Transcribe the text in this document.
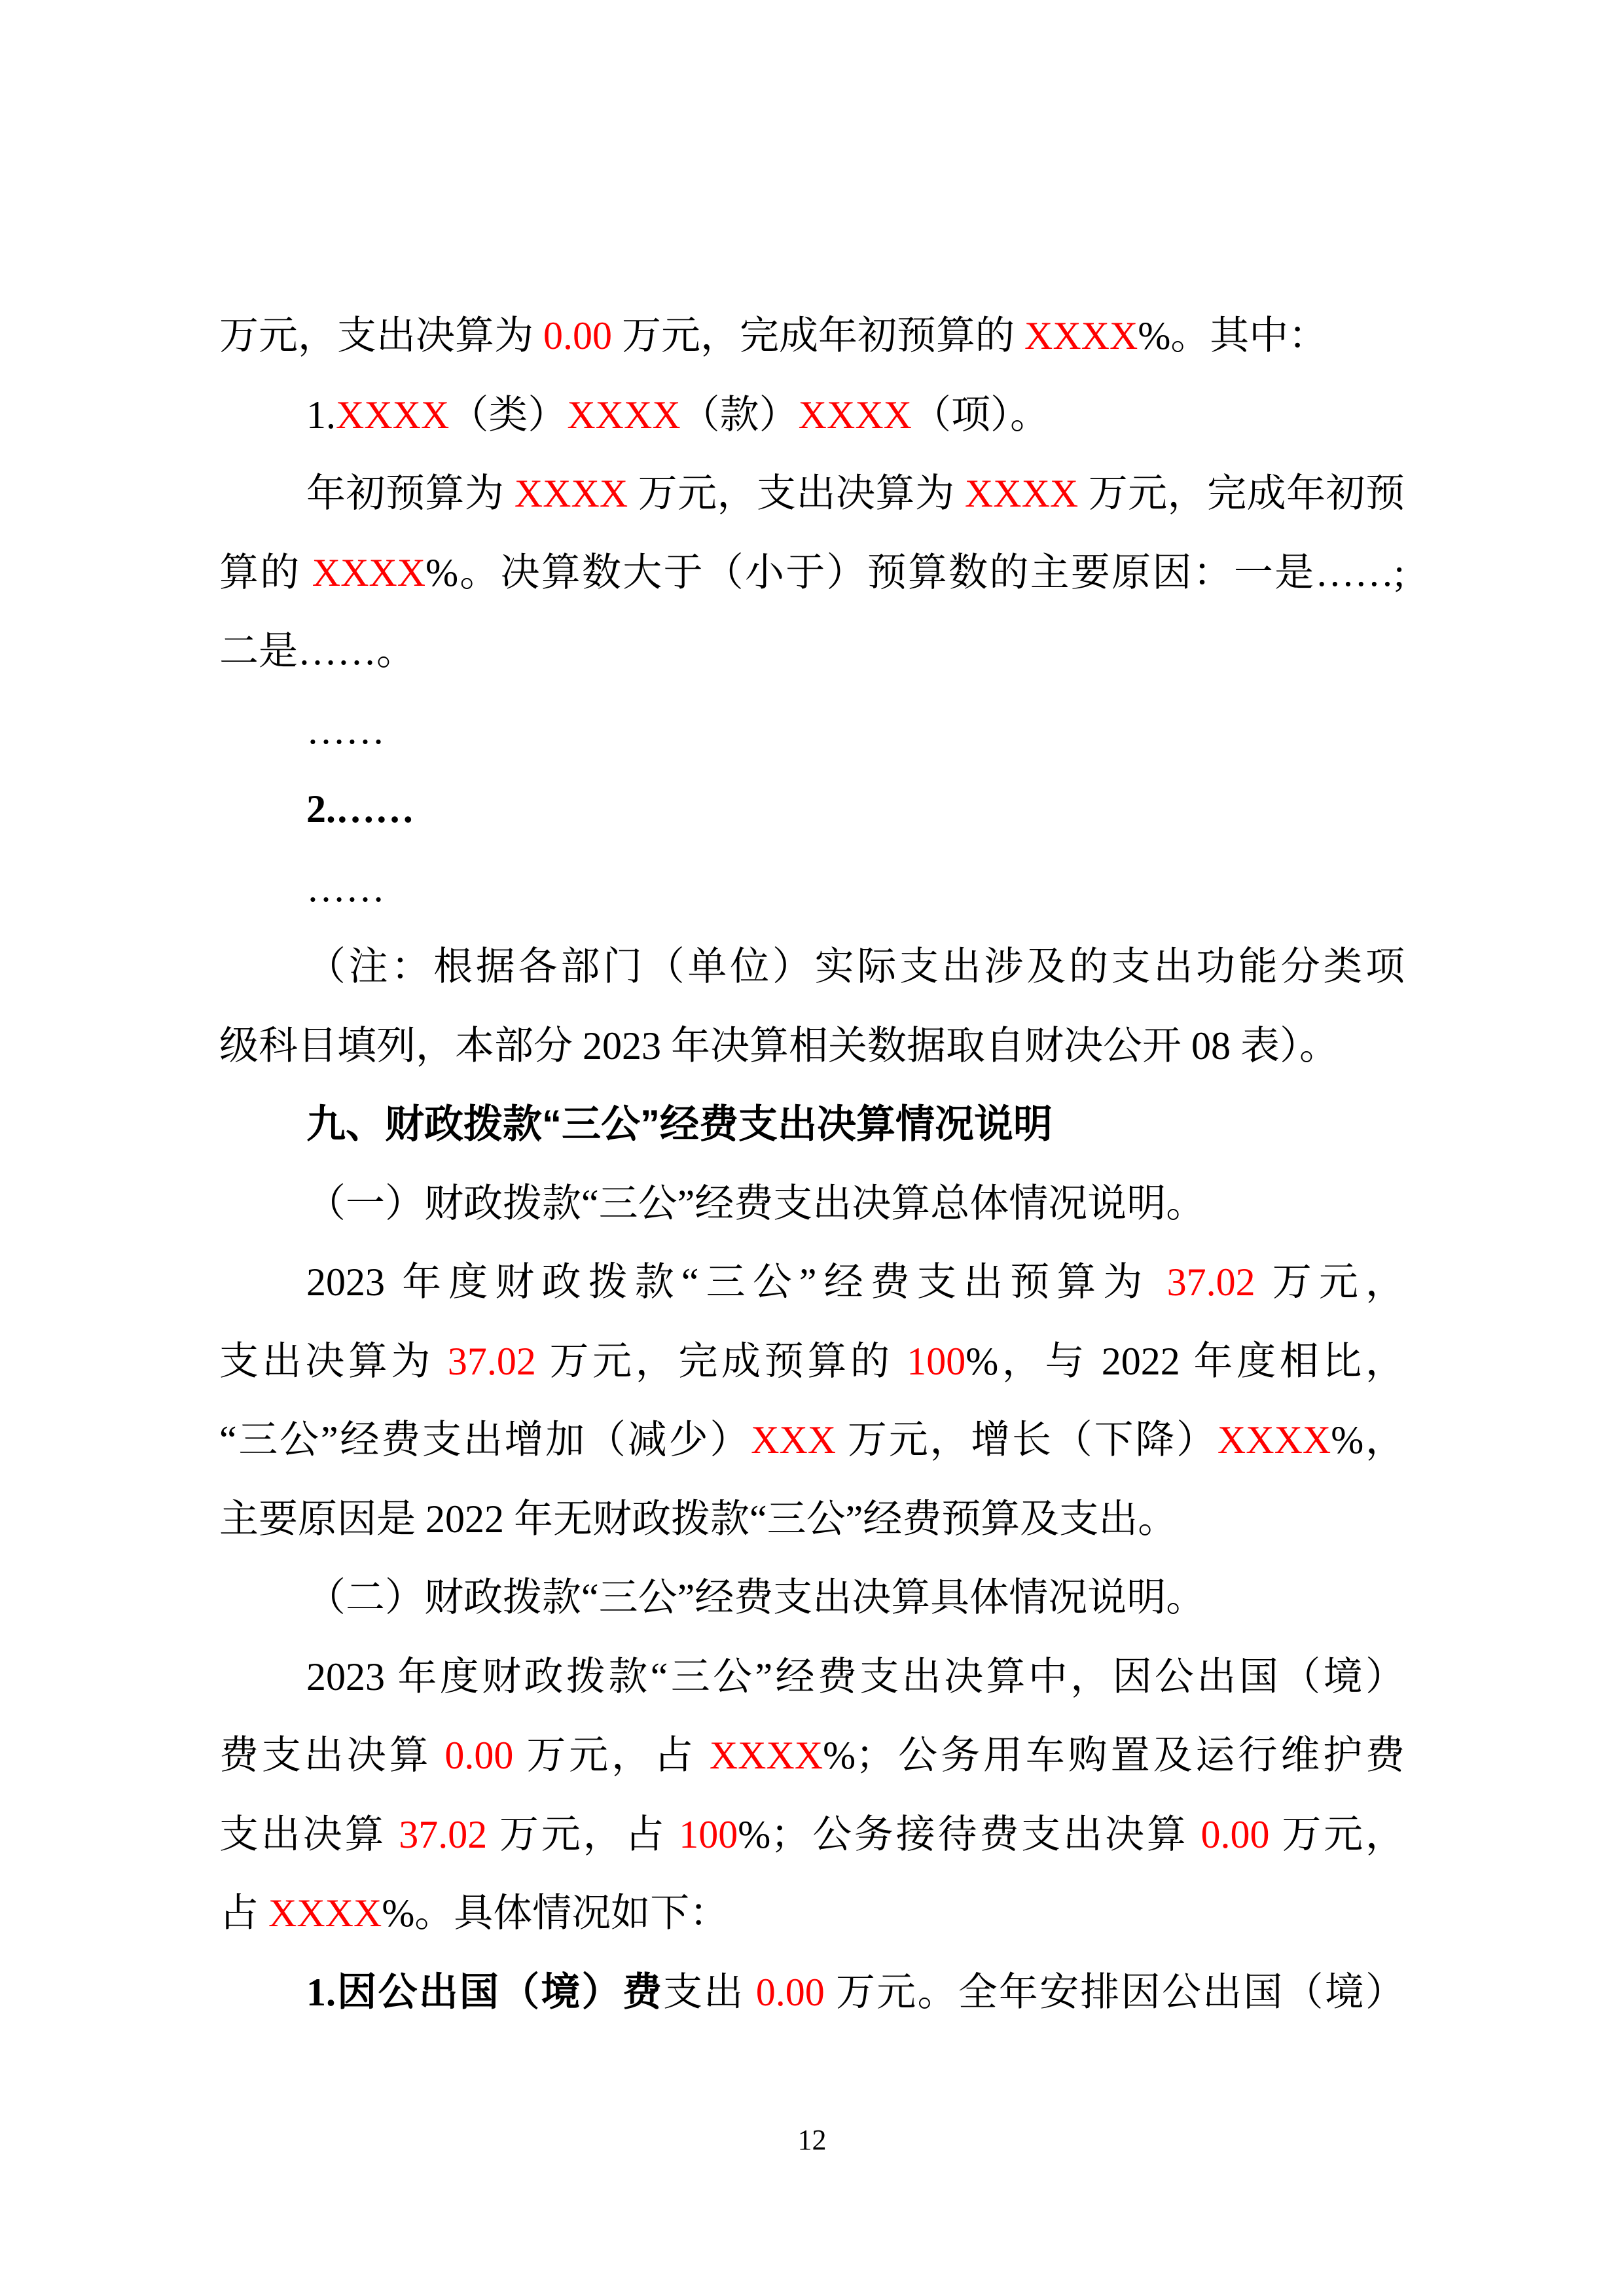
万元，支出决算为 0.00 万元，完成年初预算的 XXXX%。其中：
1.XXXX（类）XXXX（款）XXXX（项）。
年初预算为 XXXX 万元，支出决算为 XXXX 万元，完成年初预
算的 XXXX%。决算数大于（小于）预算数的主要原因：一是……;
二是……。
……
2.……
……
（注：根据各部门（单位）实际支出涉及的支出功能分类项
级科目填列，本部分 2023 年决算相关数据取自财决公开 08 表）。
九、财政拨款“三公”经费支出决算情况说明
（一）财政拨款“三公”经费支出决算总体情况说明。
2023 年度财政拨款“三公”经费支出预算为 37.02 万元，
支出决算为 37.02 万元，完成预算的 100%，与 2022 年度相比，
“三公”经费支出增加（减少）XXX 万元，增长（下降）XXXX%，
主要原因是 2022 年无财政拨款“三公”经费预算及支出。
（二）财政拨款“三公”经费支出决算具体情况说明。
2023 年度财政拨款“三公”经费支出决算中，因公出国（境）
费支出决算 0.00 万元，占 XXXX%；公务用车购置及运行维护费
支出决算 37.02 万元，占 100%；公务接待费支出决算 0.00 万元，
占 XXXX%。具体情况如下：
1.因公出国（境）费支出 0.00 万元。全年安排因公出国（境）
12
